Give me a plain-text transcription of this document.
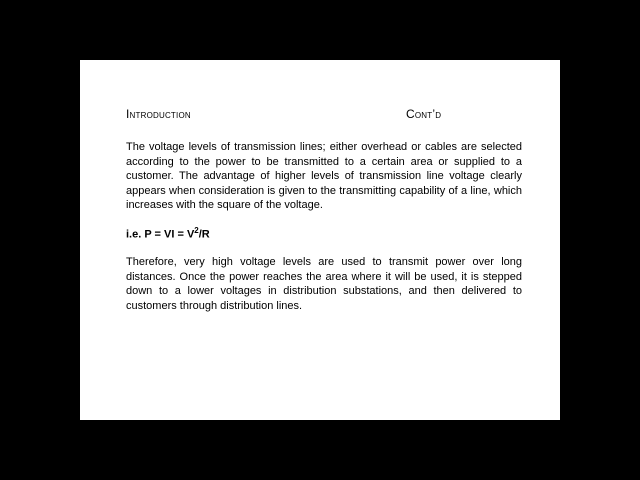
Introduction	Cont’d

The voltage levels of transmission lines; either overhead or cables are selected according to the power to be transmitted to a certain area or supplied to a customer. The advantage of higher levels of transmission line voltage clearly appears when consideration is given to the transmitting capability of a line, which increases with the square of the voltage.

i.e. P = VI = $V^2/R$

Therefore, very high voltage levels are used to transmit power over long distances. Once the power reaches the area where it will be used, it is stepped down to a lower voltages in distribution substations, and then delivered to customers through distribution lines.
